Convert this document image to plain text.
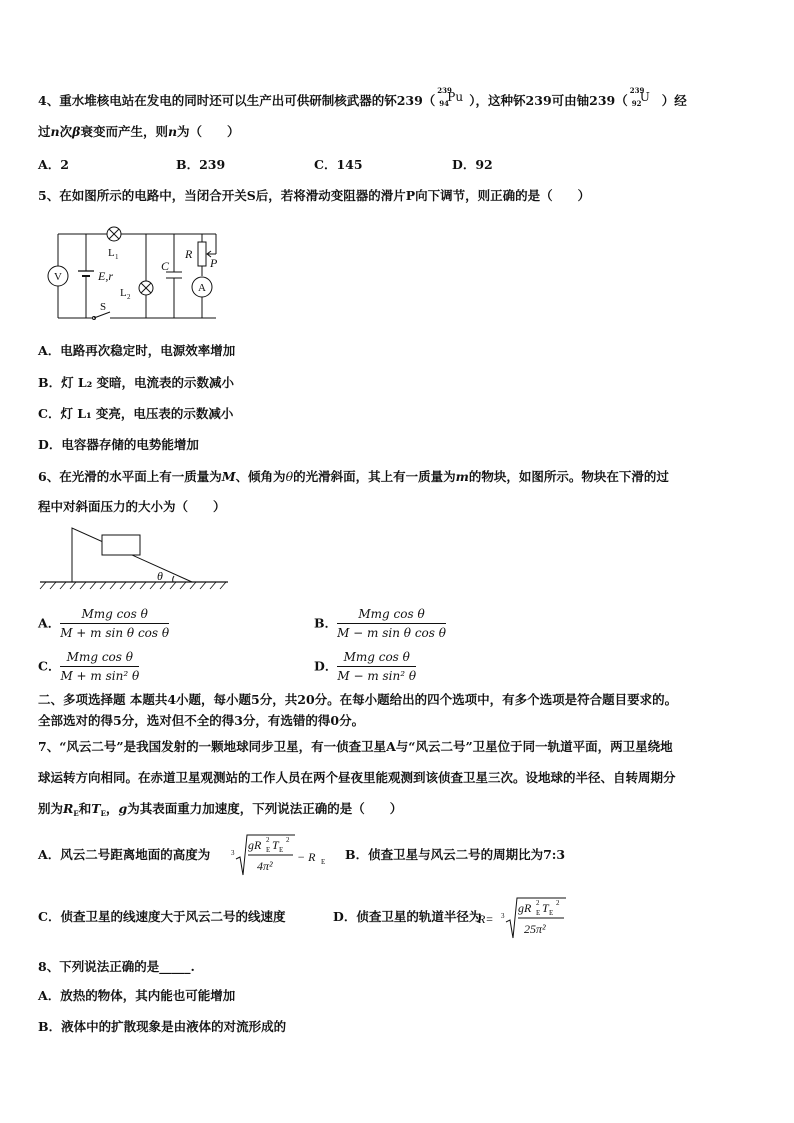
4、重水堆核电站在发电的同时还可以生产出可供研制核武器的钚239（
239
94
Pu ），这种钚239可由铀239（
239
92
U ）经
过n次β衰变而产生，则n为（　　）
A．2	B．239	C．145	D．92
5、在如图所示的电路中，当闭合开关S后，若将滑动变阻器的滑片P向下调节，则正确的是（　　）
V	E,r
S
L 1
L 2
C
A
R
P
A．电路再次稳定时，电源效率增加
B．灯 L₂ 变暗，电流表的示数减小
C．灯 L₁ 变亮，电压表的示数减小
D．电容器存储的电势能增加
6、在光滑的水平面上有一质量为M、倾角为θ的光滑斜面，其上有一质量为m的物块，如图所示。物块在下滑的过
程中对斜面压力的大小为（　　）
θ
A． $\frac{\text{Mmg cos θ}}{\text{M + m sin θ cos θ}}$	B． $\frac{\text{Mmg cos θ}}{\text{M − m sin θ cos θ}}$
C． $\frac{\text{Mmg cos θ}}{\text{M + m sin² θ}}$	D． $\frac{\text{Mmg cos θ}}{\text{M − m sin² θ}}$
二、多项选择题 本题共4小题，每小题5分，共20分。在每小题给出的四个选项中，有多个选项是符合题目要求的。
全部选对的得5分，选对但不全的得3分，有选错的得0分。
7、“风云二号”是我国发射的一颗地球同步卫星，有一侦查卫星A与“风云二号”卫星位于同一轨道平面，两卫星绕地
球运转方向相同。在赤道卫星观测站的工作人员在两个昼夜里能观测到该侦查卫星三次。设地球的半径、自转周期分
别为$R_E$和$T_E$，g为其表面重力加速度，下列说法正确的是（　　）
A．风云二号距离地面的高度为	3
gR E
2 T E
2
4π²
− R E B．侦查卫星与风云二号的周期比为7:3
C．侦查卫星的线速度大于风云二号的线速度	D．侦查卫星的轨道半径为
R= 3
gR E
2 T E
2
25π²
8、下列说法正确的是_____.
A．放热的物体，其内能也可能增加
B．液体中的扩散现象是由液体的对流形成的
